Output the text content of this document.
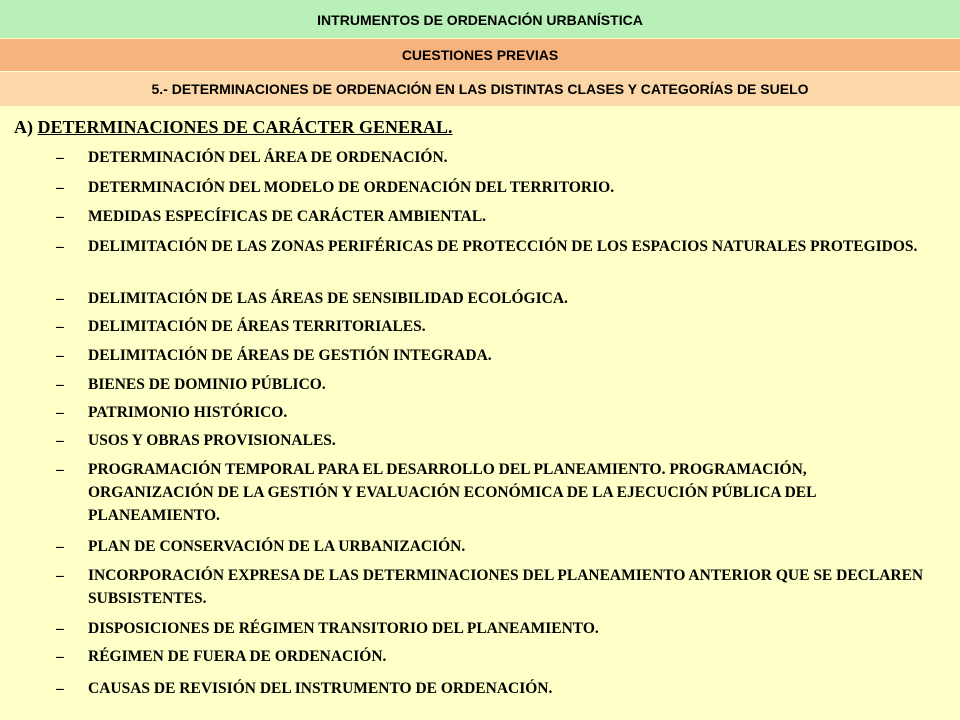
INTRUMENTOS DE ORDENACIÓN URBANÍSTICA
CUESTIONES PREVIAS
5.- DETERMINACIONES DE ORDENACIÓN EN LAS DISTINTAS CLASES Y CATEGORÍAS DE SUELO
A) DETERMINACIONES DE CARÁCTER GENERAL.
– DETERMINACIÓN DEL ÁREA DE ORDENACIÓN.
– DETERMINACIÓN DEL MODELO DE ORDENACIÓN DEL TERRITORIO.
– MEDIDAS ESPECÍFICAS DE CARÁCTER AMBIENTAL.
– DELIMITACIÓN DE LAS ZONAS PERIFÉRICAS DE PROTECCIÓN DE LOS ESPACIOS NATURALES PROTEGIDOS.
– DELIMITACIÓN DE LAS ÁREAS DE SENSIBILIDAD ECOLÓGICA.
– DELIMITACIÓN DE ÁREAS TERRITORIALES.
– DELIMITACIÓN DE ÁREAS DE GESTIÓN INTEGRADA.
– BIENES DE DOMINIO PÚBLICO.
– PATRIMONIO HISTÓRICO.
– USOS Y OBRAS PROVISIONALES.
– PROGRAMACIÓN TEMPORAL PARA EL DESARROLLO DEL PLANEAMIENTO. PROGRAMACIÓN, ORGANIZACIÓN DE LA GESTIÓN Y EVALUACIÓN ECONÓMICA DE LA EJECUCIÓN PÚBLICA DEL PLANEAMIENTO.
– PLAN DE CONSERVACIÓN DE LA URBANIZACIÓN.
– INCORPORACIÓN EXPRESA DE LAS DETERMINACIONES DEL PLANEAMIENTO ANTERIOR QUE SE DECLAREN SUBSISTENTES.
– DISPOSICIONES DE RÉGIMEN TRANSITORIO DEL PLANEAMIENTO.
– RÉGIMEN DE FUERA DE ORDENACIÓN.
– CAUSAS DE REVISIÓN DEL INSTRUMENTO DE ORDENACIÓN.
